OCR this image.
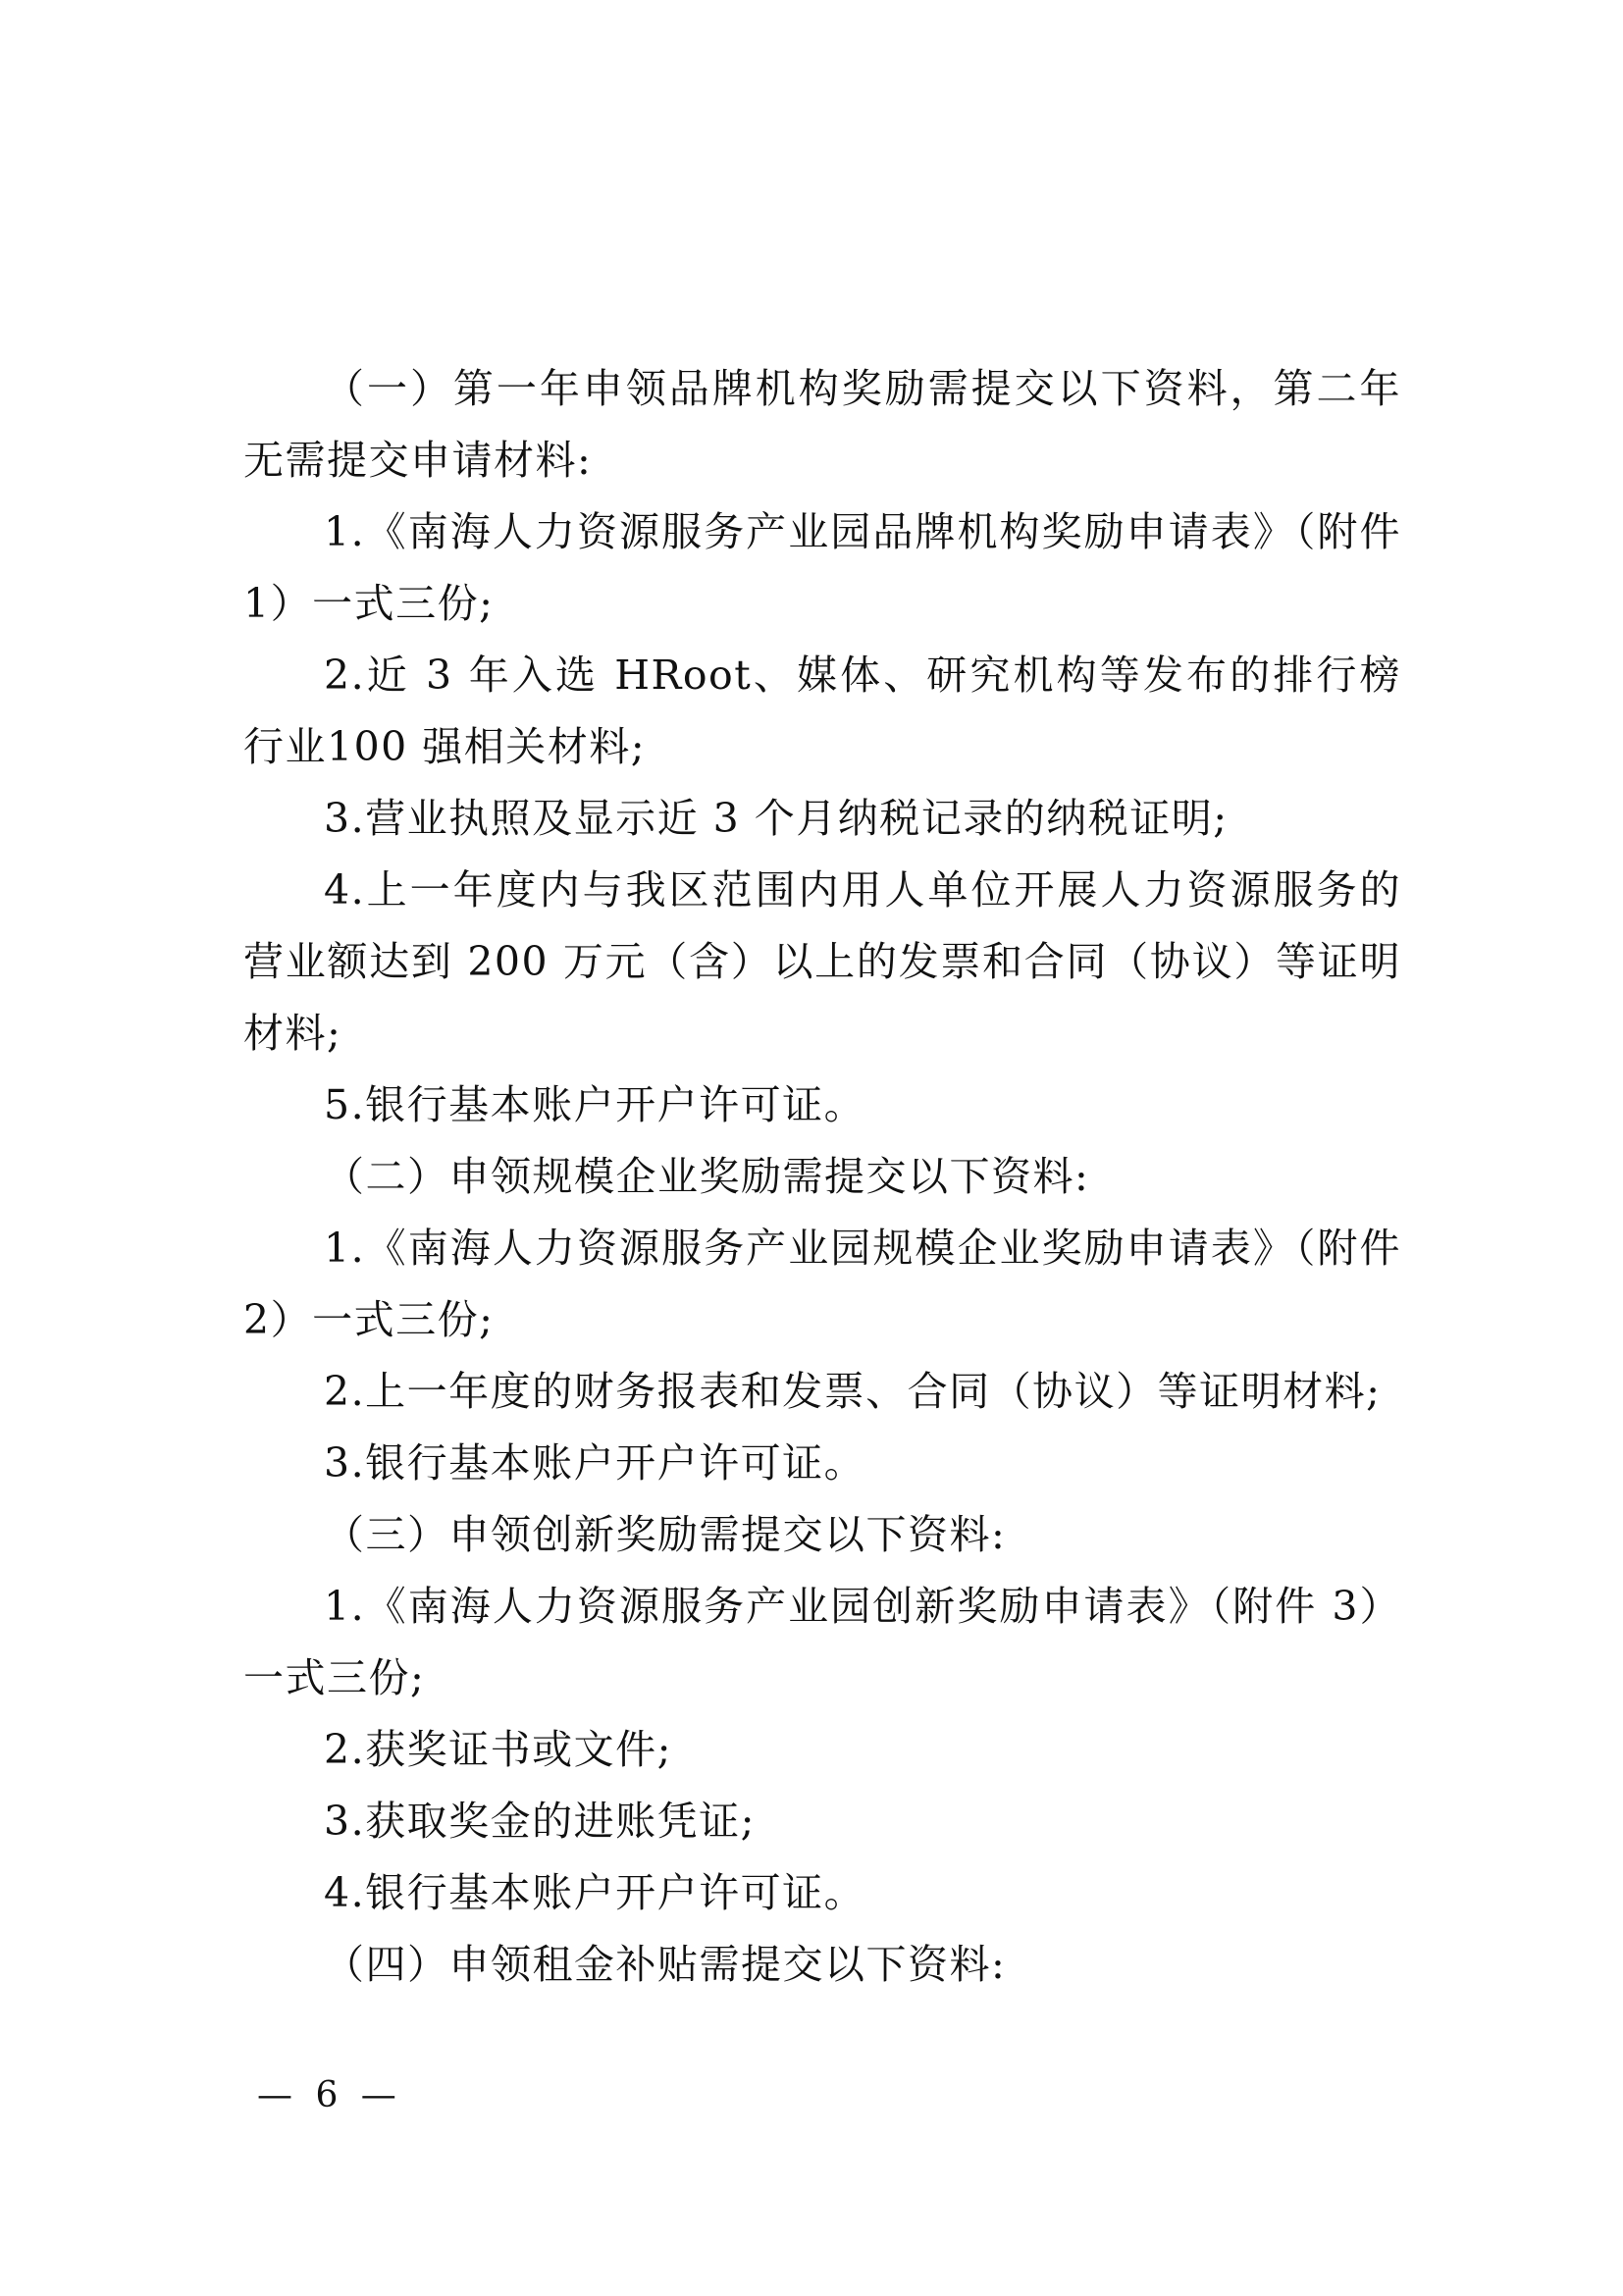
（一）第一年申领品牌机构奖励需提交以下资料，第二年无需提交申请材料:

1.《南海人力资源服务产业园品牌机构奖励申请表》（附件1）一式三份;

2.近 3 年入选 HRoot、媒体、研究机构等发布的排行榜行业100 强相关材料;

3.营业执照及显示近 3 个月纳税记录的纳税证明;

4.上一年度内与我区范围内用人单位开展人力资源服务的营业额达到 200 万元（含）以上的发票和合同（协议）等证明材料;

5.银行基本账户开户许可证。

（二）申领规模企业奖励需提交以下资料:

1.《南海人力资源服务产业园规模企业奖励申请表》（附件2）一式三份;

2.上一年度的财务报表和发票、合同（协议）等证明材料;

3.银行基本账户开户许可证。

（三）申领创新奖励需提交以下资料:

1.《南海人力资源服务产业园创新奖励申请表》（附件 3）一式三份;

2.获奖证书或文件;

3.获取奖金的进账凭证;

4.银行基本账户开户许可证。

（四）申领租金补贴需提交以下资料:

— 6 —
